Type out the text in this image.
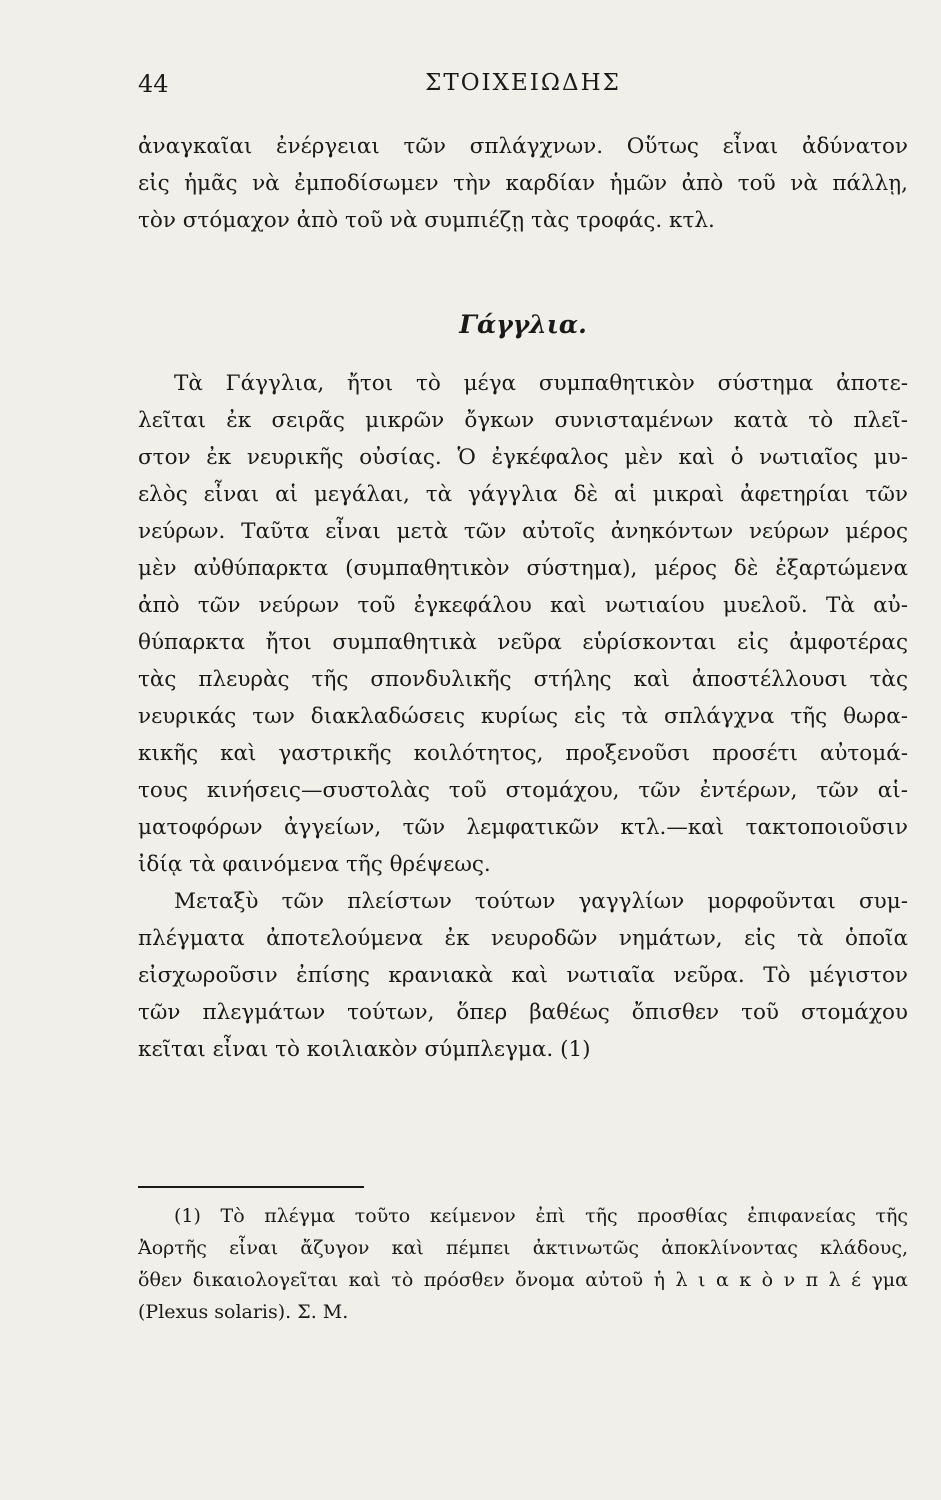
44	ΣΤΟΙΧΕΙΩΔΗΣ
ἀναγκαῖαι ἐνέργειαι τῶν σπλάγχνων. Οὕτως εἶναι ἀδύνατον
εἰς ἡμᾶς νὰ ἐμποδίσωμεν τὴν καρδίαν ἡμῶν ἀπὸ τοῦ νὰ πάλλῃ,
τὸν στόμαχον ἀπὸ τοῦ νὰ συμπιέζῃ τὰς τροφάς. κτλ.
Γάγγλια.
Τὰ Γάγγλια, ἤτοι τὸ μέγα συμπαθητικὸν σύστημα ἀποτε-
λεῖται ἐκ σειρᾶς μικρῶν ὄγκων συνισταμένων κατὰ τὸ πλεῖ-
στον ἐκ νευρικῆς οὐσίας. Ὁ ἐγκέφαλος μὲν καὶ ὁ νωτιαῖος μυ-
ελὸς εἶναι αἱ μεγάλαι, τὰ γάγγλια δὲ αἱ μικραὶ ἀφετηρίαι τῶν
νεύρων. Ταῦτα εἶναι μετὰ τῶν αὐτοῖς ἀνηκόντων νεύρων μέρος
μὲν αὐθύπαρκτα (συμπαθητικὸν σύστημα), μέρος δὲ ἐξαρτώμενα
ἀπὸ τῶν νεύρων τοῦ ἐγκεφάλου καὶ νωτιαίου μυελοῦ. Τὰ αὐ-
θύπαρκτα ἤτοι συμπαθητικὰ νεῦρα εὑρίσκονται εἰς ἀμφοτέρας
τὰς πλευρὰς τῆς σπονδυλικῆς στήλης καὶ ἀποστέλλουσι τὰς
νευρικάς των διακλαδώσεις κυρίως εἰς τὰ σπλάγχνα τῆς θωρα-
κικῆς καὶ γαστρικῆς κοιλότητος, προξενοῦσι προσέτι αὐτομά-
τους κινήσεις—συστολὰς τοῦ στομάχου, τῶν ἐντέρων, τῶν αἱ-
ματοφόρων ἀγγείων, τῶν λεμφατικῶν κτλ.—καὶ τακτοποιοῦσιν
ἰδίᾳ τὰ φαινόμενα τῆς θρέψεως.
Μεταξὺ τῶν πλείστων τούτων γαγγλίων μορφοῦνται συμ-
πλέγματα ἀποτελούμενα ἐκ νευροδῶν νημάτων, εἰς τὰ ὁποῖα
εἰσχωροῦσιν ἐπίσης κρανιακὰ καὶ νωτιαῖα νεῦρα. Τὸ μέγιστον
τῶν πλεγμάτων τούτων, ὅπερ βαθέως ὄπισθεν τοῦ στομάχου
κεῖται εἶναι τὸ κοιλιακὸν σύμπλεγμα. (1)
(1) Τὸ πλέγμα τοῦτο κείμενον ἐπὶ τῆς προσθίας ἐπιφανείας τῆς
Ἀορτῆς εἶναι ἄζυγον καὶ πέμπει ἀκτινωτῶς ἀποκλίνοντας κλάδους,
ὅθεν δικαιολογεῖται καὶ τὸ πρόσθεν ὄνομα αὐτοῦ ἡ λ ι α κ ὸ ν π λ έ γμα
(Plexus solaris). Σ. Μ.
